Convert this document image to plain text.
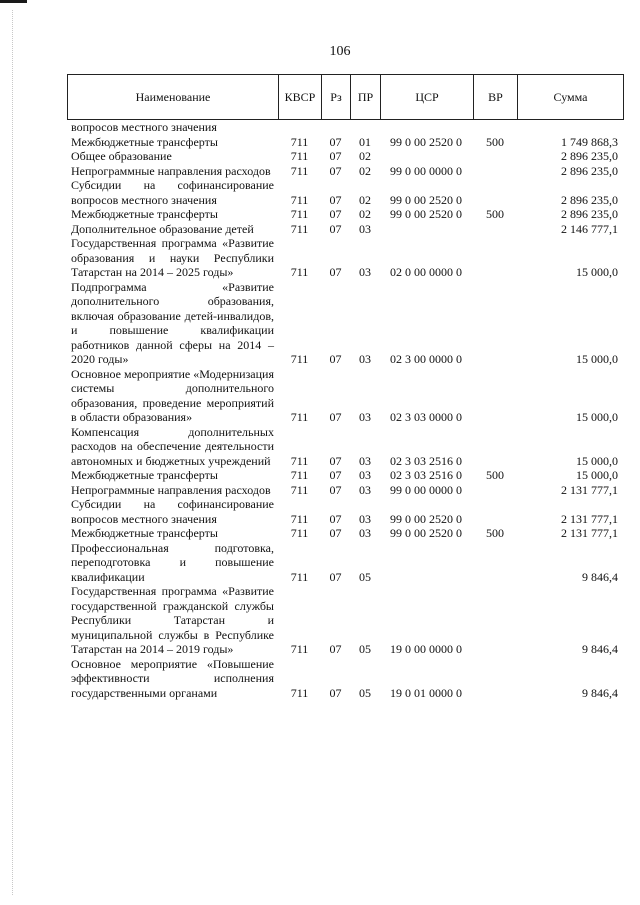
106
Наименование	КВСР	Рз	ПР	ЦСР	ВР	Сумма
вопросов местного значения						
Межбюджетные трансферты	711	07	01	99 0 00 2520 0	500	1 749 868,3
Общее образование	711	07	02			2 896 235,0
Непрограммные направления расходов	711	07	02	99 0 00 0000 0		2 896 235,0
Субсидии на софинансирование вопросов местного значения	711	07	02	99 0 00 2520 0		2 896 235,0
Межбюджетные трансферты	711	07	02	99 0 00 2520 0	500	2 896 235,0
Дополнительное образование детей	711	07	03			2 146 777,1
Государственная программа «Развитие образования и науки Республики Татарстан на 2014 – 2025 годы»	711	07	03	02 0 00 0000 0		15 000,0
Подпрограмма «Развитие дополнительного образования, включая образование детей-инвалидов, и повышение квалификации работников данной сферы на 2014 – 2020 годы»	711	07	03	02 3 00 0000 0		15 000,0
Основное мероприятие «Модернизация системы дополнительного образования, проведение мероприятий в области образования»	711	07	03	02 3 03 0000 0		15 000,0
Компенсация дополнительных расходов на обеспечение деятельности автономных и бюджетных учреждений	711	07	03	02 3 03 2516 0		15 000,0
Межбюджетные трансферты	711	07	03	02 3 03 2516 0	500	15 000,0
Непрограммные направления расходов	711	07	03	99 0 00 0000 0		2 131 777,1
Субсидии на софинансирование вопросов местного значения	711	07	03	99 0 00 2520 0		2 131 777,1
Межбюджетные трансферты	711	07	03	99 0 00 2520 0	500	2 131 777,1
Профессиональная подготовка, переподготовка и повышение квалификации	711	07	05			9 846,4
Государственная программа «Развитие государственной гражданской службы Республики Татарстан и муниципальной службы в Республике Татарстан на 2014 – 2019 годы»	711	07	05	19 0 00 0000 0		9 846,4
Основное мероприятие «Повышение эффективности исполнения государственными органами	711	07	05	19 0 01 0000 0		9 846,4
